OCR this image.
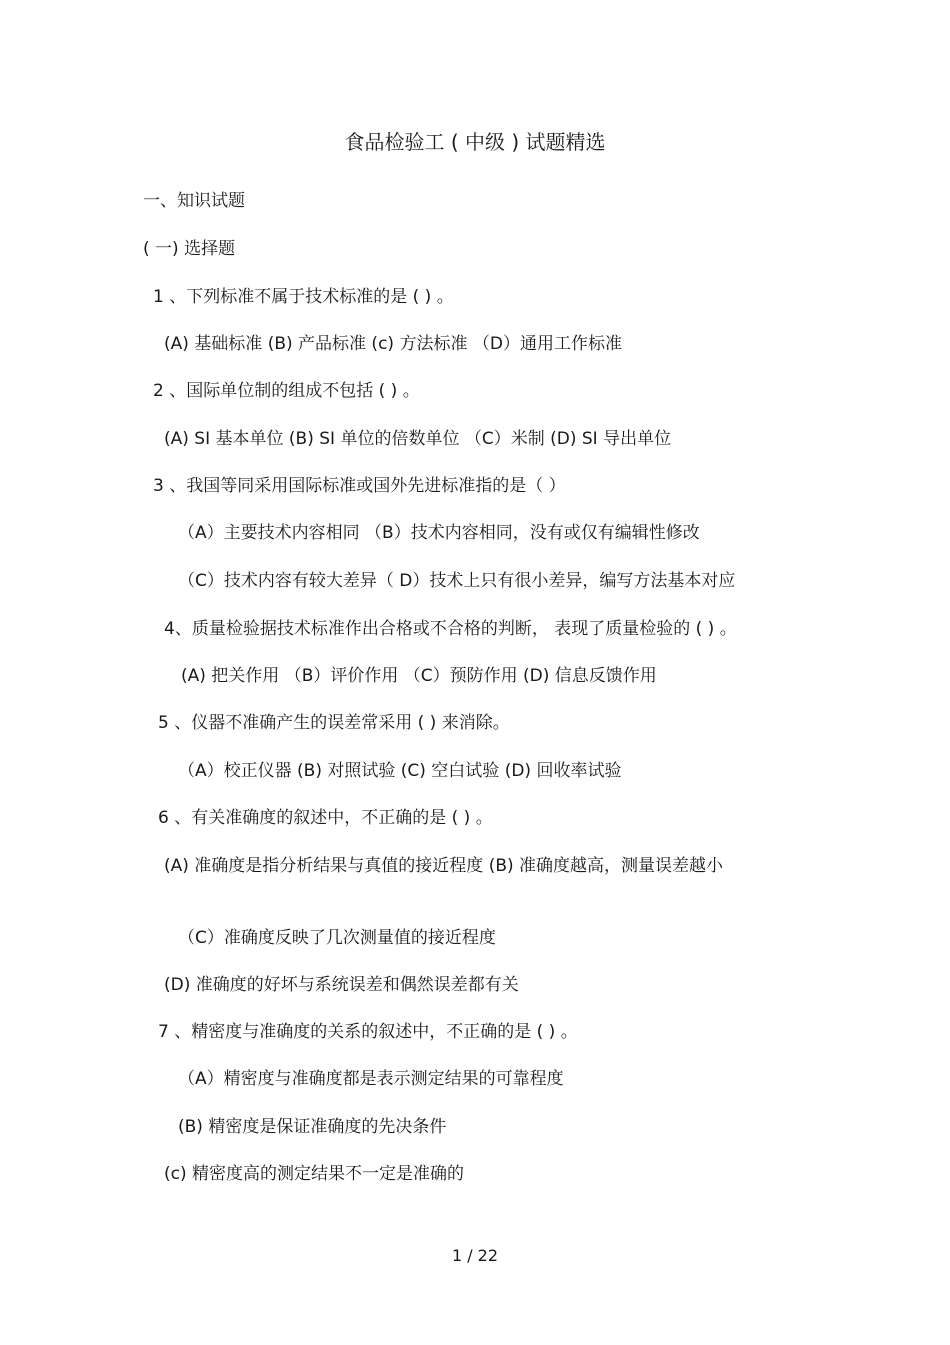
食品检验工 ( 中级 ) 试题精选
一、知识试题
( 一) 选择题
1 、下列标准不属于技术标准的是 ( ) 。
(A) 基础标准 (B) 产品标准 (c) 方法标准 （D）通用工作标准
2 、国际单位制的组成不包括 ( ) 。
(A) SI 基本单位 (B) SI 单位的倍数单位 （C）米制 (D) SI 导出单位
3 、我国等同采用国际标准或国外先进标准指的是（ ）
（A）主要技术内容相同 （B）技术内容相同，没有或仅有编辑性修改
（C）技术内容有较大差异（ D）技术上只有很小差异，编写方法基本对应
4、质量检验据技术标准作出合格或不合格的判断， 表现了质量检验的 ( ) 。
(A) 把关作用 （B）评价作用 （C）预防作用 (D) 信息反馈作用
5 、仪器不准确产生的误差常采用 ( ) 来消除。
（A）校正仪器 (B) 对照试验 (C) 空白试验 (D) 回收率试验
6 、有关准确度的叙述中，不正确的是 ( ) 。
(A) 准确度是指分析结果与真值的接近程度 (B) 准确度越高，测量误差越小
（C）准确度反映了几次测量值的接近程度
(D) 准确度的好坏与系统误差和偶然误差都有关
7 、精密度与准确度的关系的叙述中，不正确的是 ( ) 。
（A）精密度与准确度都是表示测定结果的可靠程度
(B) 精密度是保证准确度的先决条件
(c) 精密度高的测定结果不一定是准确的
1 / 22
